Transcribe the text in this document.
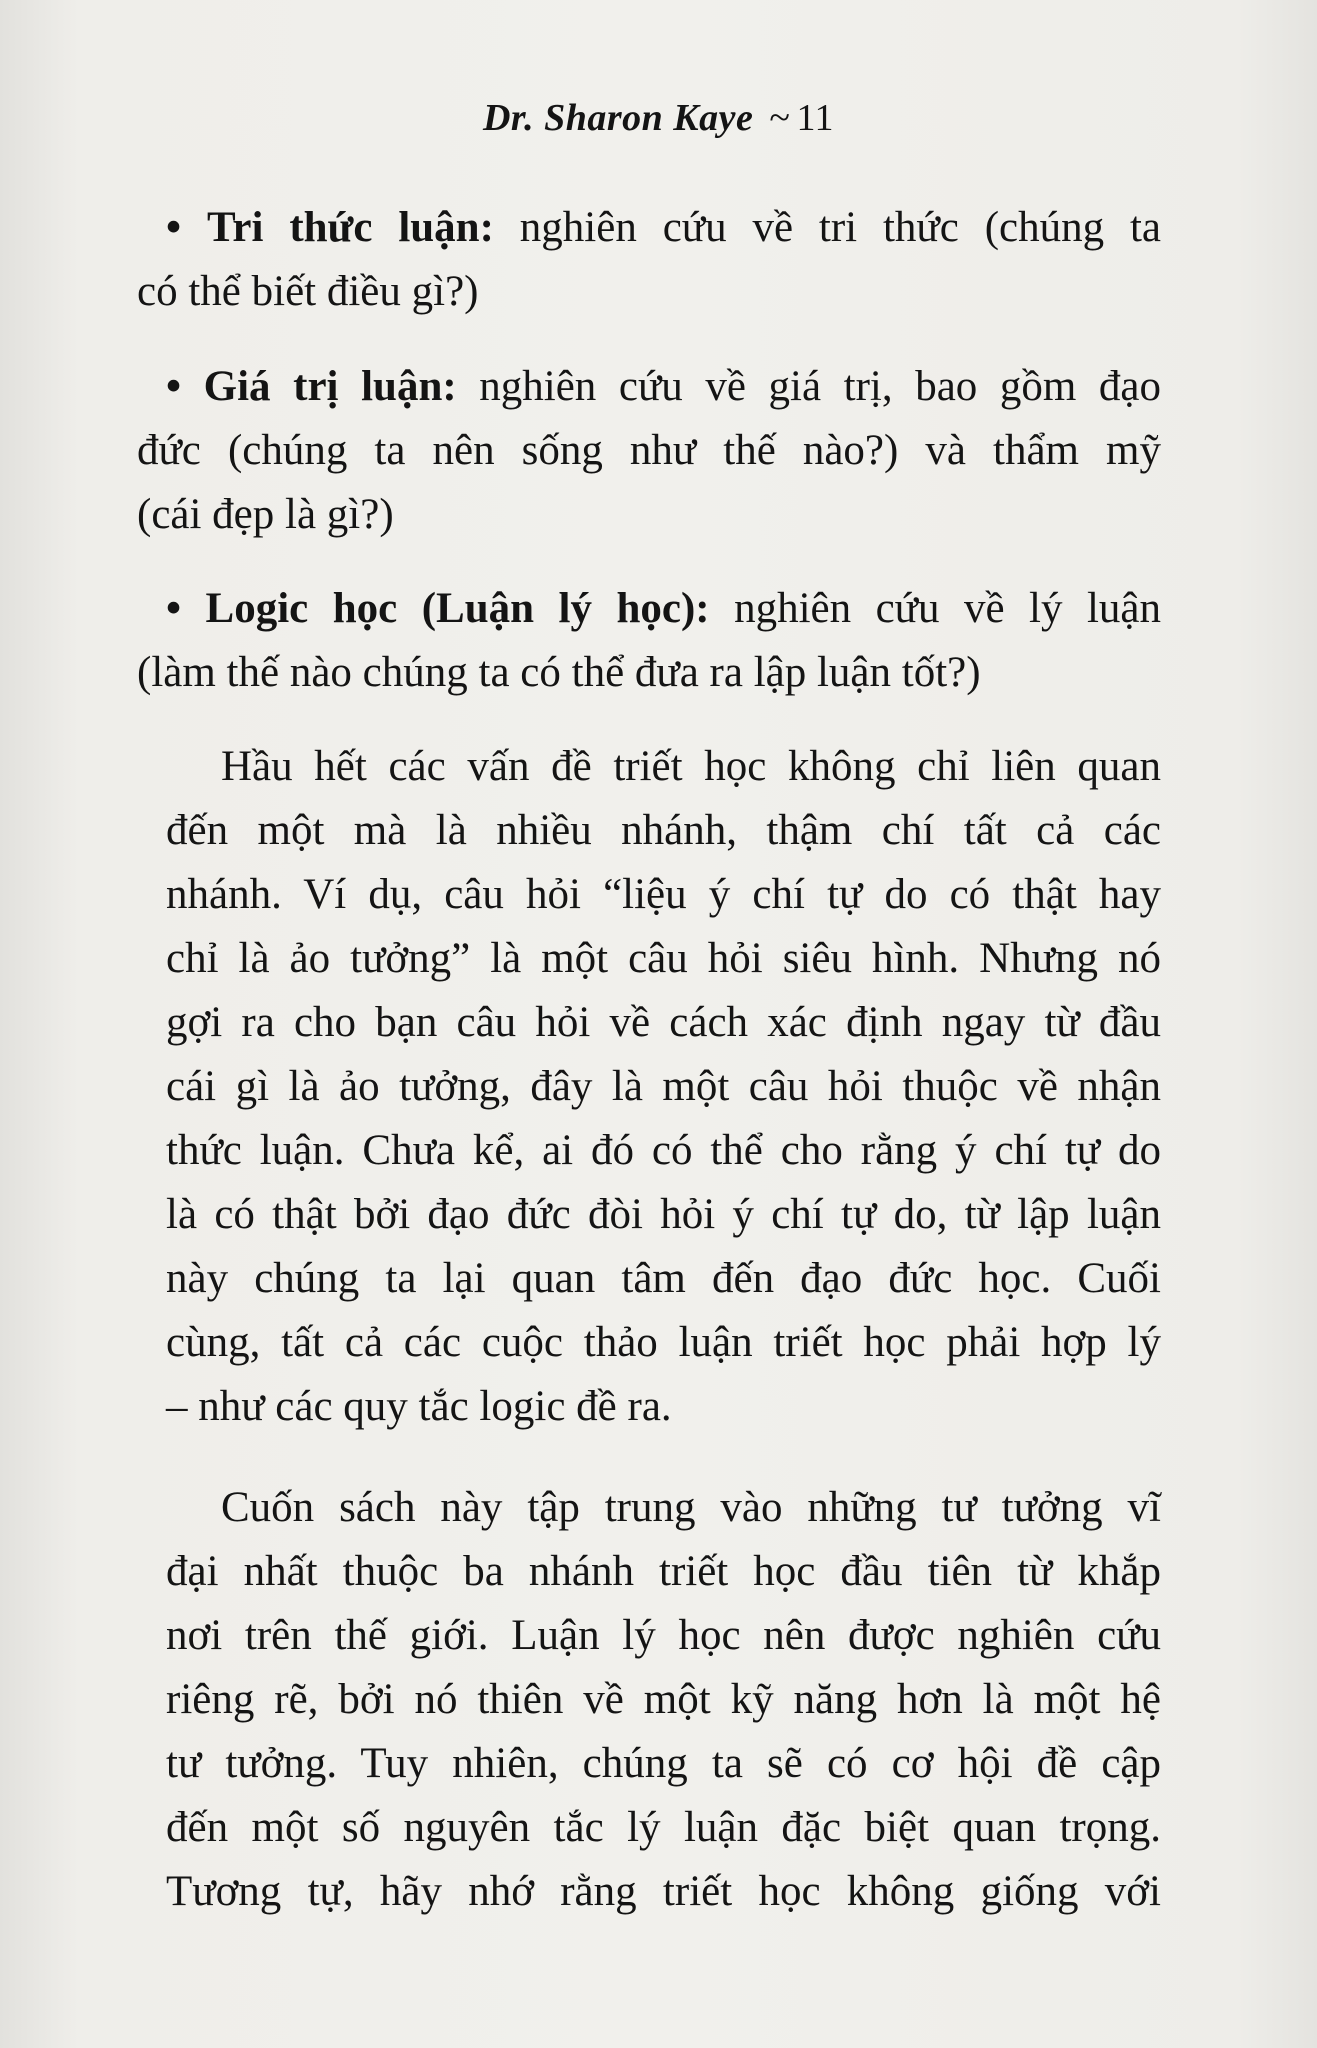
Dr. Sharon Kaye ~ 11
• Tri thức luận: nghiên cứu về tri thức (chúng ta
có thể biết điều gì?)
• Giá trị luận: nghiên cứu về giá trị, bao gồm đạo
đức (chúng ta nên sống như thế nào?) và thẩm mỹ
(cái đẹp là gì?)
• Logic học (Luận lý học): nghiên cứu về lý luận
(làm thế nào chúng ta có thể đưa ra lập luận tốt?)
Hầu hết các vấn đề triết học không chỉ liên quan
đến một mà là nhiều nhánh, thậm chí tất cả các
nhánh. Ví dụ, câu hỏi “liệu ý chí tự do có thật hay
chỉ là ảo tưởng” là một câu hỏi siêu hình. Nhưng nó
gợi ra cho bạn câu hỏi về cách xác định ngay từ đầu
cái gì là ảo tưởng, đây là một câu hỏi thuộc về nhận
thức luận. Chưa kể, ai đó có thể cho rằng ý chí tự do
là có thật bởi đạo đức đòi hỏi ý chí tự do, từ lập luận
này chúng ta lại quan tâm đến đạo đức học. Cuối
cùng, tất cả các cuộc thảo luận triết học phải hợp lý
– như các quy tắc logic đề ra.
Cuốn sách này tập trung vào những tư tưởng vĩ
đại nhất thuộc ba nhánh triết học đầu tiên từ khắp
nơi trên thế giới. Luận lý học nên được nghiên cứu
riêng rẽ, bởi nó thiên về một kỹ năng hơn là một hệ
tư tưởng. Tuy nhiên, chúng ta sẽ có cơ hội đề cập
đến một số nguyên tắc lý luận đặc biệt quan trọng.
Tương tự, hãy nhớ rằng triết học không giống với
